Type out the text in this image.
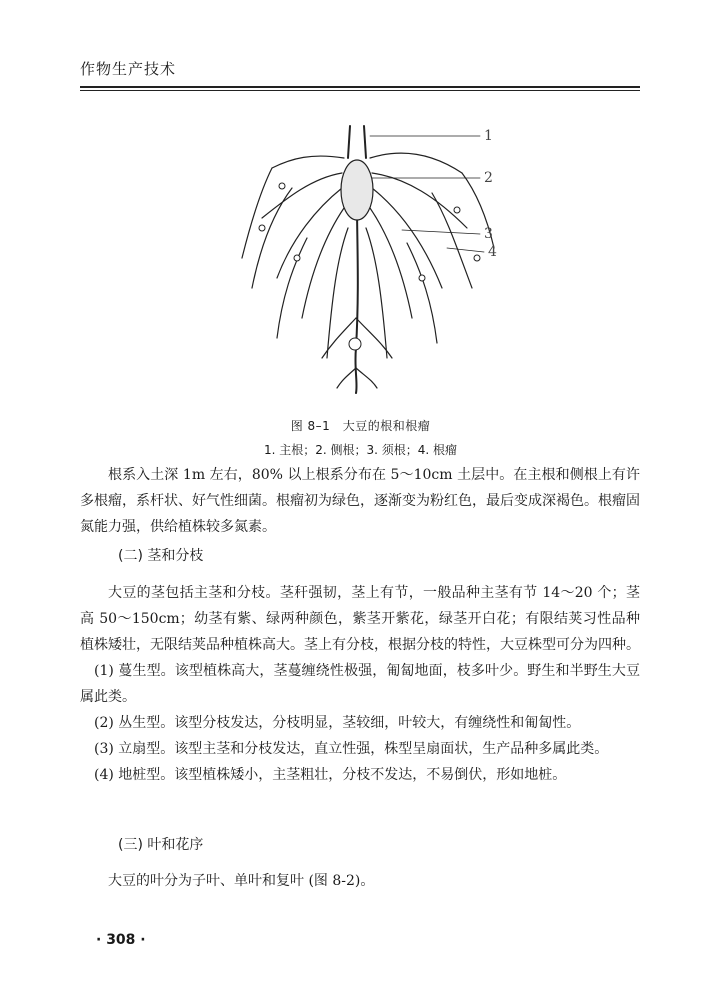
作物生产技术
1
2
3
4
图 8–1　大豆的根和根瘤
1. 主根；2. 侧根；3. 须根；4. 根瘤

根系入土深 1m 左右，80% 以上根系分布在 5～10cm 土层中。在主根和侧根上有许多根瘤，系杆状、好气性细菌。根瘤初为绿色，逐渐变为粉红色，最后变成深褐色。根瘤固氮能力强，供给植株较多氮素。

(二) 茎和分枝

大豆的茎包括主茎和分枝。茎秆强韧，茎上有节，一般品种主茎有节 14～20 个；茎高 50～150cm；幼茎有紫、绿两种颜色，紫茎开紫花，绿茎开白花；有限结荚习性品种植株矮壮，无限结荚品种植株高大。茎上有分枝，根据分枝的特性，大豆株型可分为四种。

(1) 蔓生型。该型植株高大，茎蔓缠绕性极强，匍匐地面，枝多叶少。野生和半野生大豆属此类。

(2) 丛生型。该型分枝发达，分枝明显，茎较细，叶较大，有缠绕性和匍匐性。

(3) 立扇型。该型主茎和分枝发达，直立性强，株型呈扇面状，生产品种多属此类。

(4) 地桩型。该型植株矮小，主茎粗壮，分枝不发达，不易倒伏，形如地桩。

(三) 叶和花序

大豆的叶分为子叶、单叶和复叶 (图 8-2)。

· 308 ·
